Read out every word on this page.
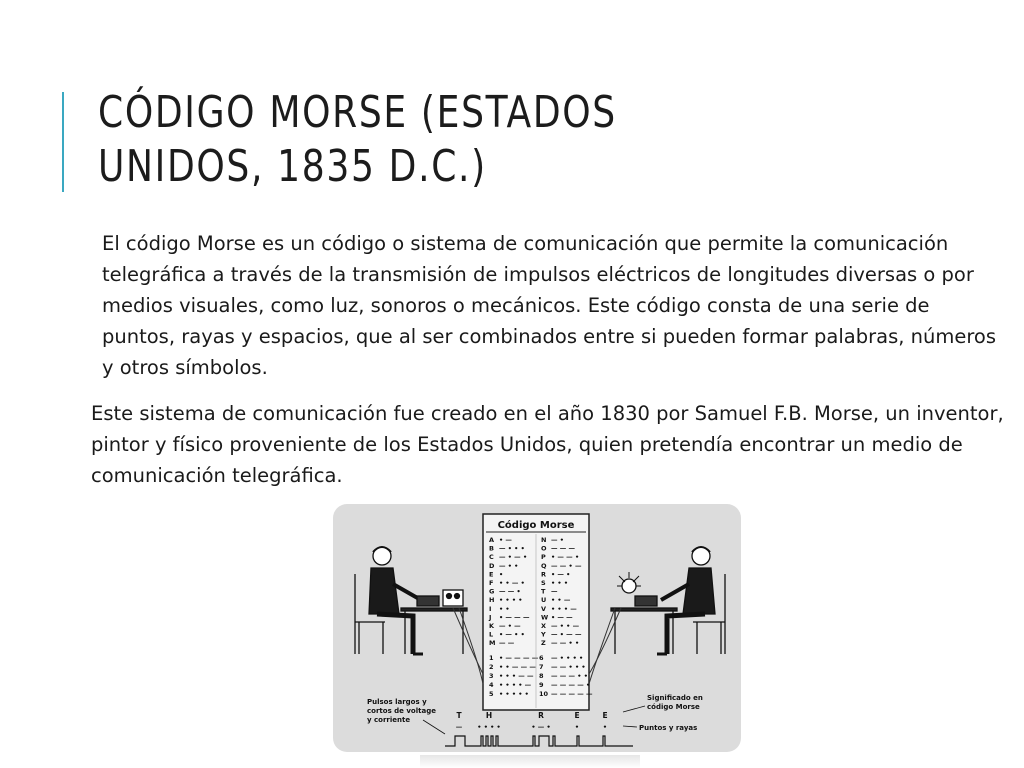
CÓDIGO MORSE (ESTADOS UNIDOS, 1835 D.C.)

El código Morse es un código o sistema de comunicación que permite la comunicación telegráfica a través de la transmisión de impulsos eléctricos de longitudes diversas o por medios visuales, como luz, sonoros o mecánicos. Este código consta de una serie de puntos, rayas y espacios, que al ser combinados entre si pueden formar palabras, números y otros símbolos.

Este sistema de comunicación fue creado en el año 1830 por Samuel F.B. Morse, un inventor, pintor y físico proveniente de los Estados Unidos, quien pretendía encontrar un medio de comunicación telegráfica.

Código Morse
A • —
B — • • •
C — • — •
D — • •
E •
F • • — •
G — — •
H • • • •
I • •
J • — — —
K — • —
L • — • •
M — —
N — •
O — — —
P • — — •
Q — — • —
R • — •
S • • •
T —
U • • —
V • • • —
W • — —
X — • • —
Y — • — —
Z — — • •
1 • — — — —
2 • • — — —
3 • • • — —
4 • • • • —
5 • • • • •
6 — • • • •
7 — — • • •
8 — — — • •
9 — — — — •
10 — — — — —
Pulsos largos y cortos de voltage y corriente
Significado en código Morse
Puntos y rayas
T
—
H
• • • •
R
• — •
E
•
E
•
